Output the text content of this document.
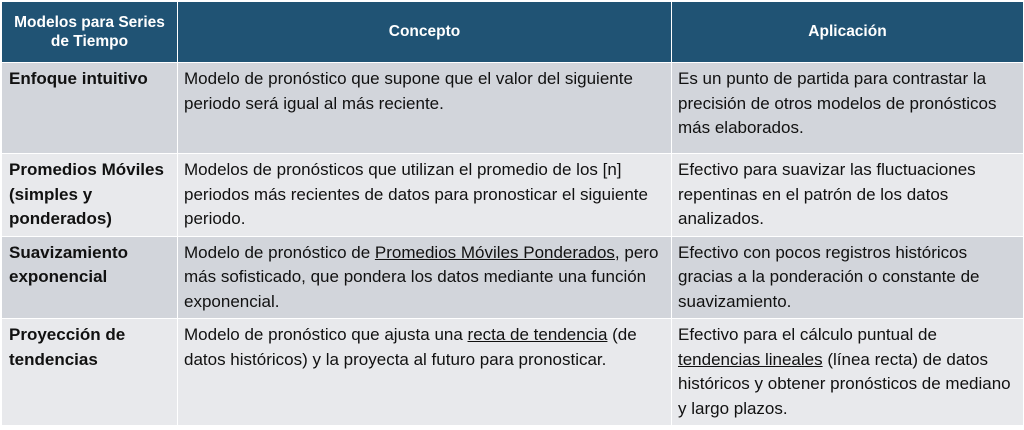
Modelos para Series de Tiempo	Concepto	Aplicación
Enfoque intuitivo	Modelo de pronóstico que supone que el valor del siguiente periodo será igual al más reciente.	Es un punto de partida para contrastar la precisión de otros modelos de pronósticos más elaborados.
Promedios Móviles (simples y ponderados)	Modelos de pronósticos que utilizan el promedio de los [n] periodos más recientes de datos para pronosticar el siguiente periodo.	Efectivo para suavizar las fluctuaciones repentinas en el patrón de los datos analizados.
Suavizamiento exponencial	Modelo de pronóstico de Promedios Móviles Ponderados, pero más sofisticado, que pondera los datos mediante una función exponencial.	Efectivo con pocos registros históricos gracias a la ponderación o constante de suavizamiento.
Proyección de tendencias	Modelo de pronóstico que ajusta una recta de tendencia (de datos históricos) y la proyecta al futuro para pronosticar.	Efectivo para el cálculo puntual de tendencias lineales (línea recta) de datos históricos y obtener pronósticos de mediano y largo plazos.
